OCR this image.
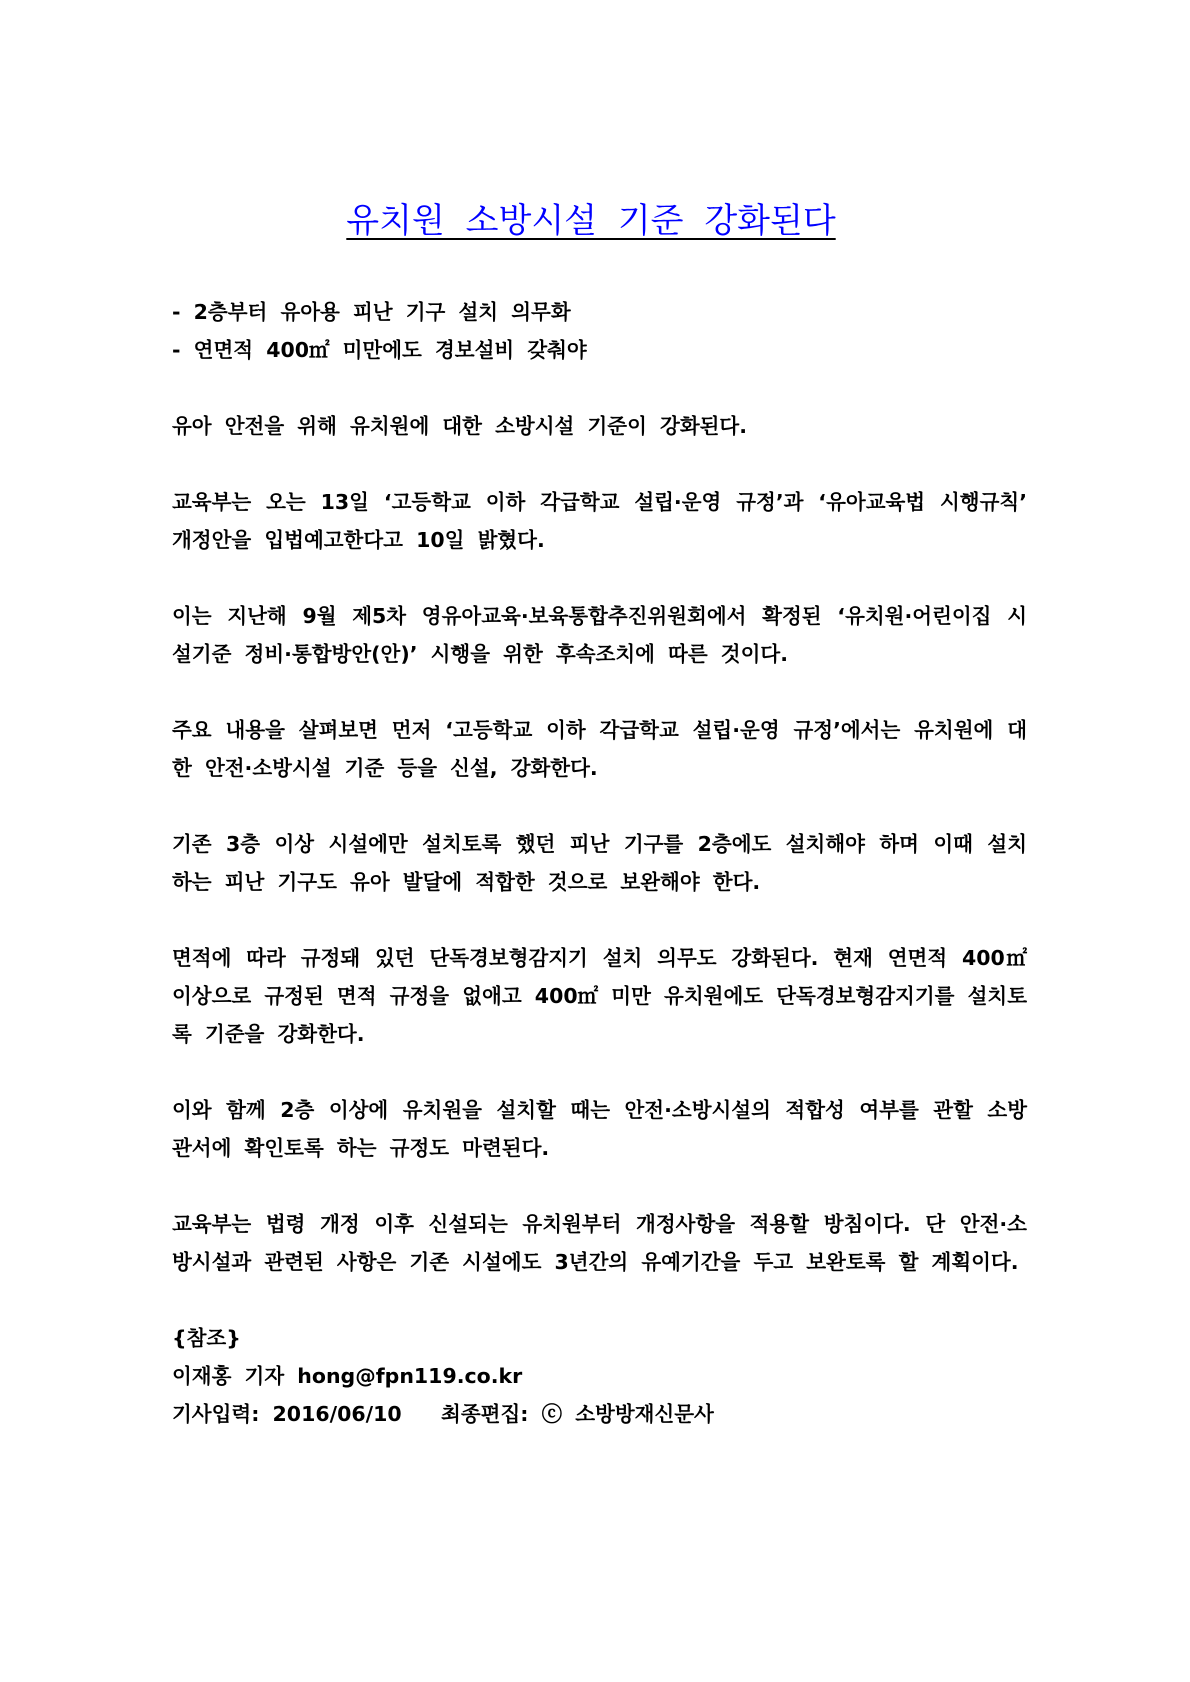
유치원 소방시설 기준 강화된다

- 2층부터 유아용 피난 기구 설치 의무화

- 연면적 400㎡ 미만에도 경보설비 갖춰야

유아 안전을 위해 유치원에 대한 소방시설 기준이 강화된다.

교육부는 오는 13일 ‘고등학교 이하 각급학교 설립·운영 규정’과 ‘유아교육법 시행규칙’ 개정안을 입법예고한다고 10일 밝혔다.

이는 지난해 9월 제5차 영유아교육·보육통합추진위원회에서 확정된 ‘유치원·어린이집 시설기준 정비·통합방안(안)’ 시행을 위한 후속조치에 따른 것이다.

주요 내용을 살펴보면 먼저 ‘고등학교 이하 각급학교 설립·운영 규정’에서는 유치원에 대한 안전·소방시설 기준 등을 신설, 강화한다.

기존 3층 이상 시설에만 설치토록 했던 피난 기구를 2층에도 설치해야 하며 이때 설치하는 피난 기구도 유아 발달에 적합한 것으로 보완해야 한다.

면적에 따라 규정돼 있던 단독경보형감지기 설치 의무도 강화된다. 현재 연면적 400㎡ 이상으로 규정된 면적 규정을 없애고 400㎡ 미만 유치원에도 단독경보형감지기를 설치토록 기준을 강화한다.

이와 함께 2층 이상에 유치원을 설치할 때는 안전·소방시설의 적합성 여부를 관할 소방관서에 확인토록 하는 규정도 마련된다.

교육부는 법령 개정 이후 신설되는 유치원부터 개정사항을 적용할 방침이다. 단 안전·소방시설과 관련된 사항은 기존 시설에도 3년간의 유예기간을 두고 보완토록 할 계획이다.

{참조}

이재홍 기자 hong@fpn119.co.kr

기사입력: 2016/06/10   최종편집: ⓒ 소방방재신문사
